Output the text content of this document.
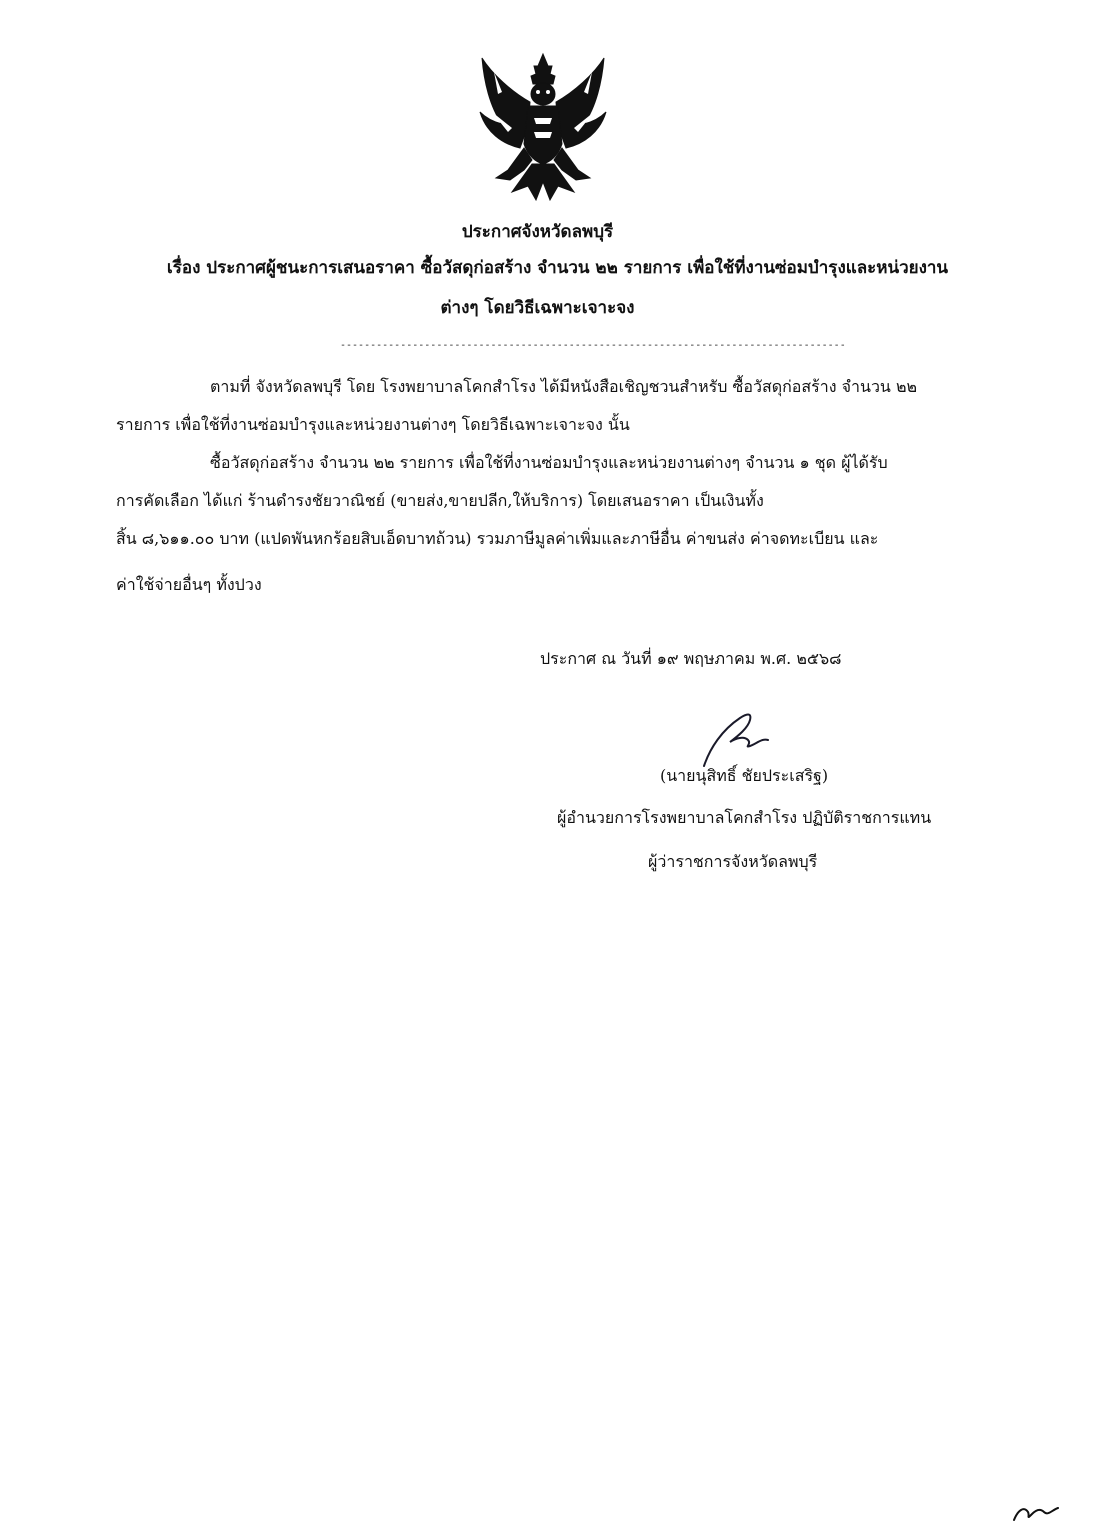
ประกาศจังหวัดลพบุรี
เรื่อง ประกาศผู้ชนะการเสนอราคา ซื้อวัสดุก่อสร้าง จำนวน ๒๒ รายการ เพื่อใช้ที่งานซ่อมบำรุงและหน่วยงาน
ต่างๆ โดยวิธีเฉพาะเจาะจง
------------------------------------------------------------------------------------
ตามที่ จังหวัดลพบุรี โดย โรงพยาบาลโคกสำโรง ได้มีหนังสือเชิญชวนสำหรับ ซื้อวัสดุก่อสร้าง จำนวน ๒๒
รายการ เพื่อใช้ที่งานซ่อมบำรุงและหน่วยงานต่างๆ โดยวิธีเฉพาะเจาะจง นั้น
ซื้อวัสดุก่อสร้าง จำนวน ๒๒ รายการ เพื่อใช้ที่งานซ่อมบำรุงและหน่วยงานต่างๆ จำนวน ๑ ชุด ผู้ได้รับ
การคัดเลือก ได้แก่ ร้านดำรงชัยวาณิชย์ (ขายส่ง,ขายปลีก,ให้บริการ) โดยเสนอราคา เป็นเงินทั้ง
สิ้น ๘,๖๑๑.๐๐ บาท (แปดพันหกร้อยสิบเอ็ดบาทถ้วน) รวมภาษีมูลค่าเพิ่มและภาษีอื่น ค่าขนส่ง ค่าจดทะเบียน และ
ค่าใช้จ่ายอื่นๆ ทั้งปวง
ประกาศ ณ วันที่ ๑๙ พฤษภาคม พ.ศ. ๒๕๖๘
(นายนุสิทธิ์ ชัยประเสริฐ)
ผู้อำนวยการโรงพยาบาลโคกสำโรง ปฏิบัติราชการแทน
ผู้ว่าราชการจังหวัดลพบุรี
